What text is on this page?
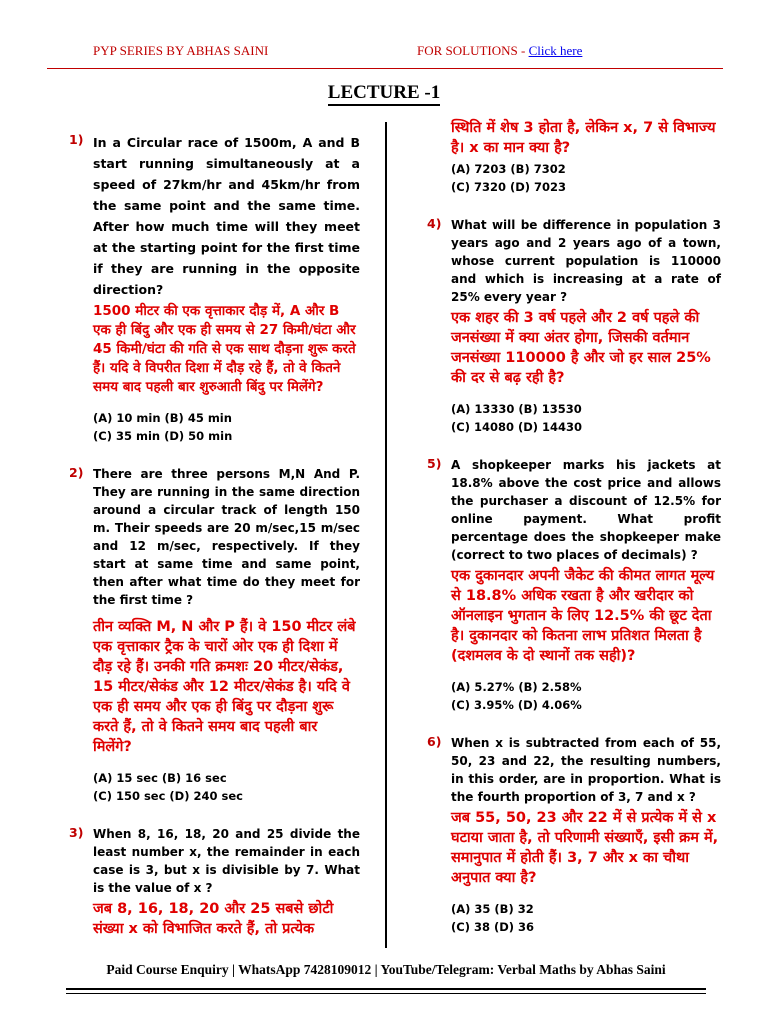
PYP SERIES BY ABHAS SAINI	FOR SOLUTIONS - Click here
LECTURE -1
1) In a Circular race of 1500m, A and B start running simultaneously at a speed of 27km/hr and 45km/hr from the same point and the same time. After how much time will they meet at the starting point for the first time if they are running in the opposite direction?
1500 मीटर की एक वृत्ताकार दौड़ में, A और B एक ही बिंदु और एक ही समय से 27 किमी/घंटा और 45 किमी/घंटा की गति से एक साथ दौड़ना शुरू करते हैं। यदि वे विपरीत दिशा में दौड़ रहे हैं, तो वे कितने समय बाद पहली बार शुरुआती बिंदु पर मिलेंगे?
(A) 10 min (B) 45 min
(C) 35 min (D) 50 min
2) There are three persons M,N And P. They are running in the same direction around a circular track of length 150 m. Their speeds are 20 m/sec,15 m/sec and 12 m/sec, respectively. If they start at same time and same point, then after what time do they meet for the first time ?
तीन व्यक्ति M, N और P हैं। वे 150 मीटर लंबे एक वृत्ताकार ट्रैक के चारों ओर एक ही दिशा में दौड़ रहे हैं। उनकी गति क्रमशः 20 मीटर/सेकंड, 15 मीटर/सेकंड और 12 मीटर/सेकंड है। यदि वे एक ही समय और एक ही बिंदु पर दौड़ना शुरू करते हैं, तो वे कितने समय बाद पहली बार मिलेंगे?
(A) 15 sec (B) 16 sec
(C) 150 sec (D) 240 sec
3) When 8, 16, 18, 20 and 25 divide the least number x, the remainder in each case is 3, but x is divisible by 7. What is the value of x ?
जब 8, 16, 18, 20 और 25 सबसे छोटी संख्या x को विभाजित करते हैं, तो प्रत्येक
स्थिति में शेष 3 होता है, लेकिन x, 7 से विभाज्य है। x का मान क्या है?
(A) 7203 (B) 7302
(C) 7320 (D) 7023
4) What will be difference in population 3 years ago and 2 years ago of a town, whose current population is 110000 and which is increasing at a rate of 25% every year ?
एक शहर की 3 वर्ष पहले और 2 वर्ष पहले की जनसंख्या में क्या अंतर होगा, जिसकी वर्तमान जनसंख्या 110000 है और जो हर साल 25% की दर से बढ़ रही है?
(A) 13330 (B) 13530
(C) 14080 (D) 14430
5) A shopkeeper marks his jackets at 18.8% above the cost price and allows the purchaser a discount of 12.5% for online payment. What profit percentage does the shopkeeper make (correct to two places of decimals) ?
एक दुकानदार अपनी जैकेट की कीमत लागत मूल्य से 18.8% अधिक रखता है और खरीदार को ऑनलाइन भुगतान के लिए 12.5% की छूट देता है। दुकानदार को कितना लाभ प्रतिशत मिलता है (दशमलव के दो स्थानों तक सही)?
(A) 5.27% (B) 2.58%
(C) 3.95% (D) 4.06%
6) When x is subtracted from each of 55, 50, 23 and 22, the resulting numbers, in this order, are in proportion. What is the fourth proportion of 3, 7 and x ?
जब 55, 50, 23 और 22 में से प्रत्येक में से x घटाया जाता है, तो परिणामी संख्याएँ, इसी क्रम में, समानुपात में होती हैं। 3, 7 और x का चौथा अनुपात क्या है?
(A) 35 (B) 32
(C) 38 (D) 36
Paid Course Enquiry | WhatsApp 7428109012 | YouTube/Telegram: Verbal Maths by Abhas Saini
